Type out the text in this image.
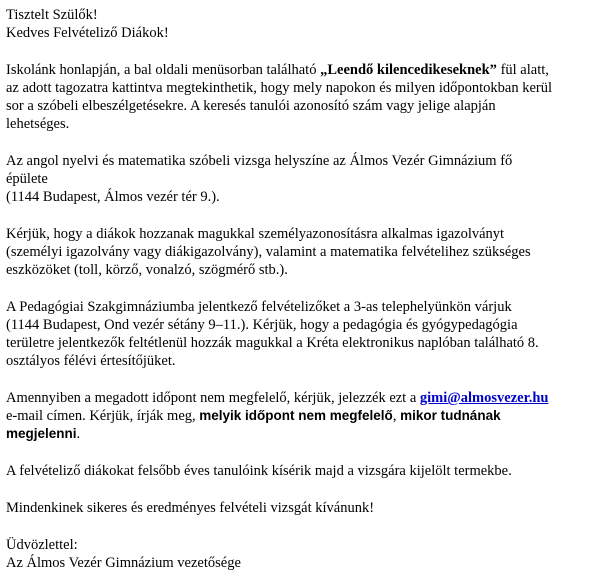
Tisztelt Szülők!
Kedves Felvételiző Diákok!
Iskolánk honlapján, a bal oldali menüsorban található „Leendő kilencedikeseknek” fül alatt,
az adott tagozatra kattintva megtekinthetik, hogy mely napokon és milyen időpontokban kerül
sor a szóbeli elbeszélgetésekre. A keresés tanulói azonosító szám vagy jelige alapján
lehetséges.
Az angol nyelvi és matematika szóbeli vizsga helyszíne az Álmos Vezér Gimnázium fő
épülete
(1144 Budapest, Álmos vezér tér 9.).
Kérjük, hogy a diákok hozzanak magukkal személyazonosításra alkalmas igazolványt
(személyi igazolvány vagy diákigazolvány), valamint a matematika felvételihez szükséges
eszközöket (toll, körző, vonalzó, szögmérő stb.).
A Pedagógiai Szakgimnáziumba jelentkező felvételizőket a 3-as telephelyünkön várjuk
(1144 Budapest, Ond vezér sétány 9–11.). Kérjük, hogy a pedagógia és gyógypedagógia
területre jelentkezők feltétlenül hozzák magukkal a Kréta elektronikus naplóban található 8.
osztályos félévi értesítőjüket.
Amennyiben a megadott időpont nem megfelelő, kérjük, jelezzék ezt a gimi@almosvezer.hu
e-mail címen. Kérjük, írják meg, melyik időpont nem megfelelő, mikor tudnának
megjelenni.
A felvételiző diákokat felsőbb éves tanulóink kísérik majd a vizsgára kijelölt termekbe.
Mindenkinek sikeres és eredményes felvételi vizsgát kívánunk!
Üdvözlettel:
Az Álmos Vezér Gimnázium vezetősége
